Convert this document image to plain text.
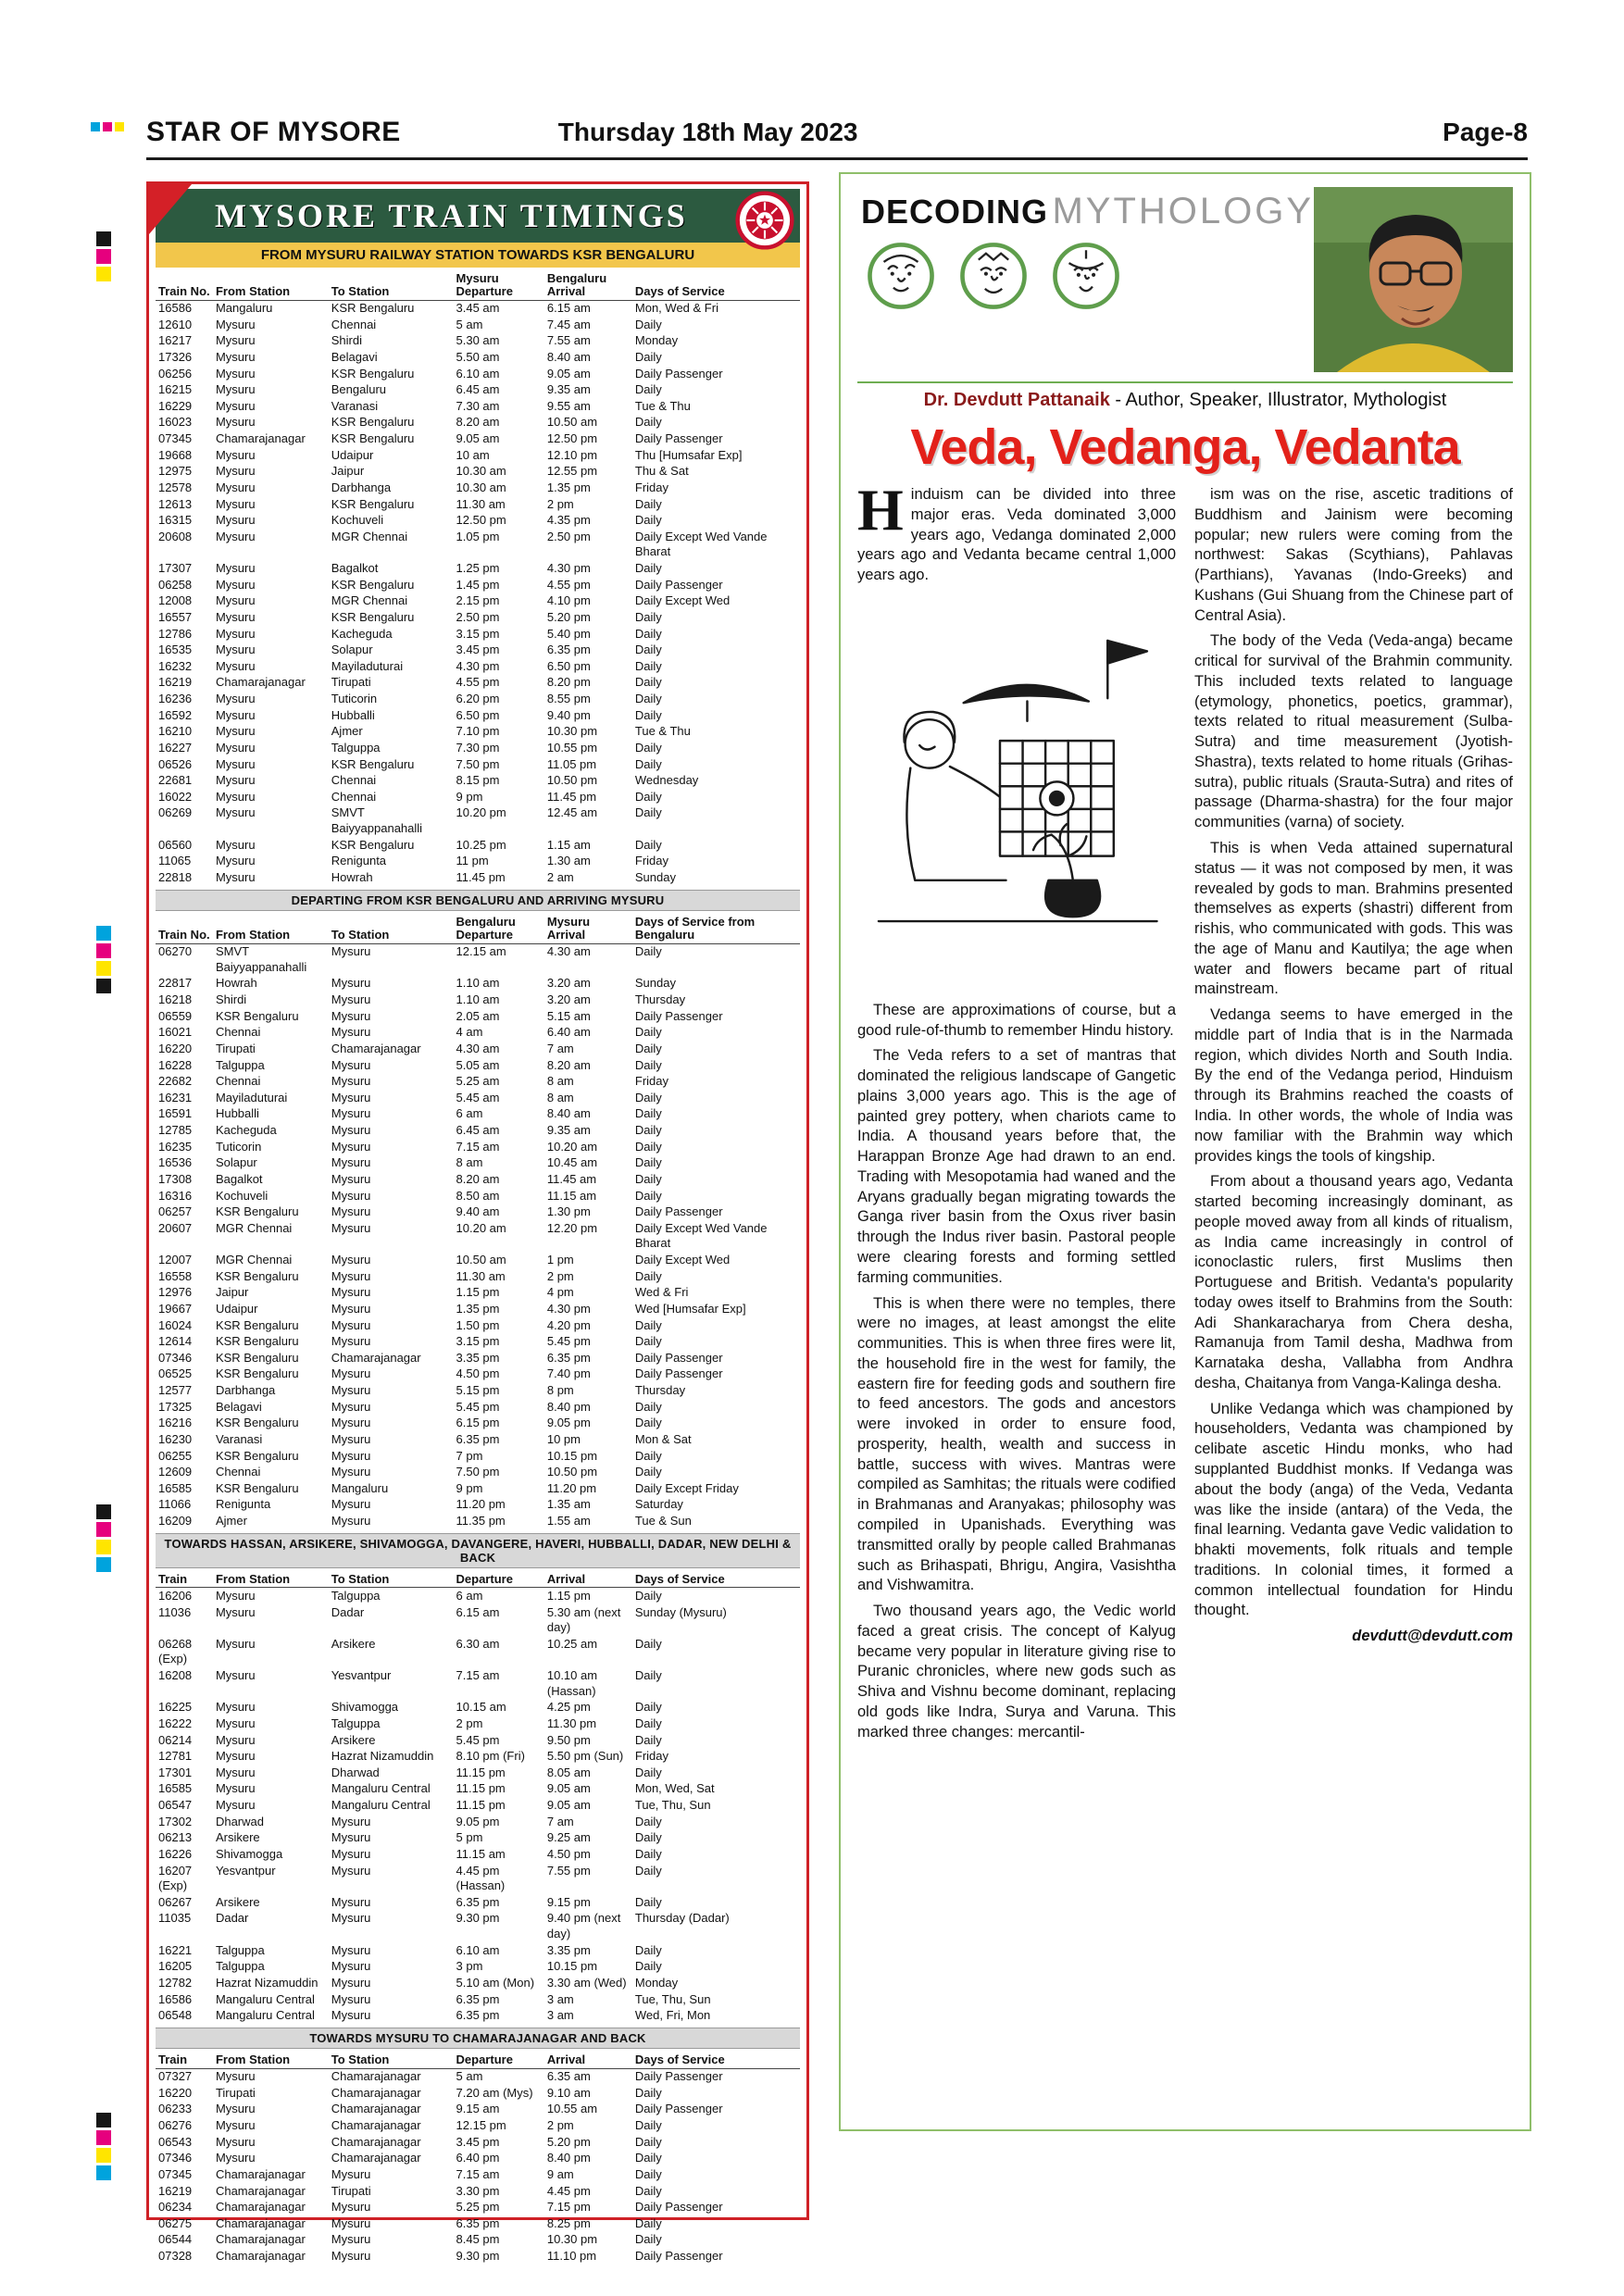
STAR OF MYSORE	Thursday 18th May 2023	Page-8
MYSORE TRAIN TIMINGS
FROM MYSURU RAILWAY STATION TOWARDS KSR BENGALURU
Train No.	From Station	To Station	Mysuru Departure	Bengaluru Arrival	Days of Service
16586	Mangaluru	KSR Bengaluru	3.45 am	6.15 am	Mon, Wed & Fri
12610	Mysuru	Chennai	5 am	7.45 am	Daily
16217	Mysuru	Shirdi	5.30 am	7.55 am	Monday
17326	Mysuru	Belagavi	5.50 am	8.40 am	Daily
06256	Mysuru	KSR Bengaluru	6.10 am	9.05 am	Daily Passenger
16215	Mysuru	Bengaluru	6.45 am	9.35 am	Daily
16229	Mysuru	Varanasi	7.30 am	9.55 am	Tue & Thu
16023	Mysuru	KSR Bengaluru	8.20 am	10.50 am	Daily
07345	Chamarajanagar	KSR Bengaluru	9.05 am	12.50 pm	Daily Passenger
19668	Mysuru	Udaipur	10 am	12.10 pm	Thu [Humsafar Exp]
12975	Mysuru	Jaipur	10.30 am	12.55 pm	Thu & Sat
12578	Mysuru	Darbhanga	10.30 am	1.35 pm	Friday
12613	Mysuru	KSR Bengaluru	11.30 am	2 pm	Daily
16315	Mysuru	Kochuveli	12.50 pm	4.35 pm	Daily
20608	Mysuru	MGR Chennai	1.05 pm	2.50 pm	Daily Except Wed Vande Bharat
17307	Mysuru	Bagalkot	1.25 pm	4.30 pm	Daily
06258	Mysuru	KSR Bengaluru	1.45 pm	4.55 pm	Daily Passenger
12008	Mysuru	MGR Chennai	2.15 pm	4.10 pm	Daily Except Wed
16557	Mysuru	KSR Bengaluru	2.50 pm	5.20 pm	Daily
12786	Mysuru	Kacheguda	3.15 pm	5.40 pm	Daily
16535	Mysuru	Solapur	3.45 pm	6.35 pm	Daily
16232	Mysuru	Mayiladuturai	4.30 pm	6.50 pm	Daily
16219	Chamarajanagar	Tirupati	4.55 pm	8.20 pm	Daily
16236	Mysuru	Tuticorin	6.20 pm	8.55 pm	Daily
16592	Mysuru	Hubballi	6.50 pm	9.40 pm	Daily
16210	Mysuru	Ajmer	7.10 pm	10.30 pm	Tue & Thu
16227	Mysuru	Talguppa	7.30 pm	10.55 pm	Daily
06526	Mysuru	KSR Bengaluru	7.50 pm	11.05 pm	Daily
22681	Mysuru	Chennai	8.15 pm	10.50 pm	Wednesday
16022	Mysuru	Chennai	9 pm	11.45 pm	Daily
06269	Mysuru	SMVT Baiyyappanahalli	10.20 pm	12.45 am	Daily
06560	Mysuru	KSR Bengaluru	10.25 pm	1.15 am	Daily
11065	Mysuru	Renigunta	11 pm	1.30 am	Friday
22818	Mysuru	Howrah	11.45 pm	2 am	Sunday
DEPARTING FROM KSR BENGALURU AND ARRIVING MYSURU
Train No.	From Station	To Station	Bengaluru Departure	Mysuru Arrival	Days of Service from Bengaluru
06270	SMVT Baiyyappanahalli	Mysuru	12.15 am	4.30 am	Daily
22817	Howrah	Mysuru	1.10 am	3.20 am	Sunday
16218	Shirdi	Mysuru	1.10 am	3.20 am	Thursday
06559	KSR Bengaluru	Mysuru	2.05 am	5.15 am	Daily Passenger
16021	Chennai	Mysuru	4 am	6.40 am	Daily
16220	Tirupati	Chamarajanagar	4.30 am	7 am	Daily
16228	Talguppa	Mysuru	5.05 am	8.20 am	Daily
22682	Chennai	Mysuru	5.25 am	8 am	Friday
16231	Mayiladuturai	Mysuru	5.45 am	8 am	Daily
16591	Hubballi	Mysuru	6 am	8.40 am	Daily
12785	Kacheguda	Mysuru	6.45 am	9.35 am	Daily
16235	Tuticorin	Mysuru	7.15 am	10.20 am	Daily
16536	Solapur	Mysuru	8 am	10.45 am	Daily
17308	Bagalkot	Mysuru	8.20 am	11.45 am	Daily
16316	Kochuveli	Mysuru	8.50 am	11.15 am	Daily
06257	KSR Bengaluru	Mysuru	9.40 am	1.30 pm	Daily Passenger
20607	MGR Chennai	Mysuru	10.20 am	12.20 pm	Daily Except Wed Vande Bharat
12007	MGR Chennai	Mysuru	10.50 am	1 pm	Daily Except Wed
16558	KSR Bengaluru	Mysuru	11.30 am	2 pm	Daily
12976	Jaipur	Mysuru	1.15 pm	4 pm	Wed & Fri
19667	Udaipur	Mysuru	1.35 pm	4.30 pm	Wed [Humsafar Exp]
16024	KSR Bengaluru	Mysuru	1.50 pm	4.20 pm	Daily
12614	KSR Bengaluru	Mysuru	3.15 pm	5.45 pm	Daily
07346	KSR Bengaluru	Chamarajanagar	3.35 pm	6.35 pm	Daily Passenger
06525	KSR Bengaluru	Mysuru	4.50 pm	7.40 pm	Daily Passenger
12577	Darbhanga	Mysuru	5.15 pm	8 pm	Thursday
17325	Belagavi	Mysuru	5.45 pm	8.40 pm	Daily
16216	KSR Bengaluru	Mysuru	6.15 pm	9.05 pm	Daily
16230	Varanasi	Mysuru	6.35 pm	10 pm	Mon & Sat
06255	KSR Bengaluru	Mysuru	7 pm	10.15 pm	Daily
12609	Chennai	Mysuru	7.50 pm	10.50 pm	Daily
16585	KSR Bengaluru	Mangaluru	9 pm	11.20 pm	Daily Except Friday
11066	Renigunta	Mysuru	11.20 pm	1.35 am	Saturday
16209	Ajmer	Mysuru	11.35 pm	1.55 am	Tue & Sun
TOWARDS HASSAN, ARSIKERE, SHIVAMOGGA, DAVANGERE, HAVERI, HUBBALLI, DADAR, NEW DELHI & BACK
Train	From Station	To Station	Departure	Arrival	Days of Service
16206	Mysuru	Talguppa	6 am	1.15 pm	Daily
11036	Mysuru	Dadar	6.15 am	5.30 am (next day)	Sunday (Mysuru)
06268 (Exp)	Mysuru	Arsikere	6.30 am	10.25 am	Daily
16208	Mysuru	Yesvantpur	7.15 am	10.10 am (Hassan)	Daily
16225	Mysuru	Shivamogga	10.15 am	4.25 pm	Daily
16222	Mysuru	Talguppa	2 pm	11.30 pm	Daily
06214	Mysuru	Arsikere	5.45 pm	9.50 pm	Daily
12781	Mysuru	Hazrat Nizamuddin	8.10 pm (Fri)	5.50 pm (Sun)	Friday
17301	Mysuru	Dharwad	11.15 pm	8.05 am	Daily
16585	Mysuru	Mangaluru Central	11.15 pm	9.05 am	Mon, Wed, Sat
06547	Mysuru	Mangaluru Central	11.15 pm	9.05 am	Tue, Thu, Sun
17302	Dharwad	Mysuru	9.05 pm	7 am	Daily
06213	Arsikere	Mysuru	5 pm	9.25 am	Daily
16226	Shivamogga	Mysuru	11.15 am	4.50 pm	Daily
16207 (Exp)	Yesvantpur	Mysuru	4.45 pm (Hassan)	7.55 pm	Daily
06267	Arsikere	Mysuru	6.35 pm	9.15 pm	Daily
11035	Dadar	Mysuru	9.30 pm	9.40 pm (next day)	Thursday (Dadar)
16221	Talguppa	Mysuru	6.10 am	3.35 pm	Daily
16205	Talguppa	Mysuru	3 pm	10.15 pm	Daily
12782	Hazrat Nizamuddin	Mysuru	5.10 am (Mon)	3.30 am (Wed)	Monday
16586	Mangaluru Central	Mysuru	6.35 pm	3 am	Tue, Thu, Sun
06548	Mangaluru Central	Mysuru	6.35 pm	3 am	Wed, Fri, Mon
TOWARDS MYSURU TO CHAMARAJANAGAR AND BACK
Train	From Station	To Station	Departure	Arrival	Days of Service
07327	Mysuru	Chamarajanagar	5 am	6.35 am	Daily Passenger
16220	Tirupati	Chamarajanagar	7.20 am (Mys)	9.10 am	Daily
06233	Mysuru	Chamarajanagar	9.15 am	10.55 am	Daily Passenger
06276	Mysuru	Chamarajanagar	12.15 pm	2 pm	Daily
06543	Mysuru	Chamarajanagar	3.45 pm	5.20 pm	Daily
07346	Mysuru	Chamarajanagar	6.40 pm	8.40 pm	Daily
07345	Chamarajanagar	Mysuru	7.15 am	9 am	Daily
16219	Chamarajanagar	Tirupati	3.30 pm	4.45 pm	Daily
06234	Chamarajanagar	Mysuru	5.25 pm	7.15 pm	Daily Passenger
06275	Chamarajanagar	Mysuru	6.35 pm	8.25 pm	Daily
06544	Chamarajanagar	Mysuru	8.45 pm	10.30 pm	Daily
07328	Chamarajanagar	Mysuru	9.30 pm	11.10 pm	Daily Passenger
DECODING MYTHOLOGY
Dr. Devdutt Pattanaik - Author, Speaker, Illustrator, Mythologist
Veda, Vedanga, Vedanta

Hinduism can be divided into three major eras. Veda dominated 3,000 years ago, Vedanga dominated 2,000 years ago and Vedanta became central 1,000 years ago.

These are approximations of course, but a good rule-of-thumb to remember Hindu history.

The Veda refers to a set of mantras that dominated the religious landscape of Gangetic plains 3,000 years ago. This is the age of painted grey pottery, when chariots came to India. A thousand years before that, the Harappan Bronze Age had drawn to an end. Trading with Mesopotamia had waned and the Aryans gradually began migrating towards the Ganga river basin from the Oxus river basin through the Indus river basin. Pastoral people were clearing forests and forming settled farming communities.

This is when there were no temples, there were no images, at least amongst the elite communities. This is when three fires were lit, the household fire in the west for family, the eastern fire for feeding gods and southern fire to feed ancestors. The gods and ancestors were invoked in order to ensure food, prosperity, health, wealth and success in battle, success with wives. Mantras were compiled as Samhitas; the rituals were codified in Brahmanas and Aranyakas; philosophy was compiled in Upanishads. Everything was transmitted orally by people called Brahmanas such as Brihaspati, Bhrigu, Angira, Vasishtha and Vishwamitra.

Two thousand years ago, the Vedic world faced a great crisis. The concept of Kalyug became very popular in literature giving rise to Puranic chronicles, where new gods such as Shiva and Vishnu become dominant, replacing old gods like Indra, Surya and Varuna. This marked three changes: mercantil-

ism was on the rise, ascetic traditions of Buddhism and Jainism were becoming popular; new rulers were coming from the northwest: Sakas (Scythians), Pahlavas (Parthians), Yavanas (Indo-Greeks) and Kushans (Gui Shuang from the Chinese part of Central Asia).

The body of the Veda (Veda-anga) became critical for survival of the Brahmin community. This included texts related to language (etymology, phonetics, poetics, grammar), texts related to ritual measurement (Sulba-Sutra) and time measurement (Jyotish-Shastra), texts related to home rituals (Grihas-sutra), public rituals (Srauta-Sutra) and rites of passage (Dharma-shastra) for the four major communities (varna) of society.

This is when Veda attained supernatural status — it was not composed by men, it was revealed by gods to man. Brahmins presented themselves as experts (shastri) different from rishis, who communicated with gods. This was the age of Manu and Kautilya; the age when water and flowers became part of ritual mainstream.

Vedanga seems to have emerged in the middle part of India that is in the Narmada region, which divides North and South India. By the end of the Vedanga period, Hinduism through its Brahmins reached the coasts of India. In other words, the whole of India was now familiar with the Brahmin way which provides kings the tools of kingship.

From about a thousand years ago, Vedanta started becoming increasingly dominant, as people moved away from all kinds of ritualism, as India came increasingly in control of iconoclastic rulers, first Muslims then Portuguese and British. Vedanta's popularity today owes itself to Brahmins from the South: Adi Shankaracharya from Chera desha, Ramanuja from Tamil desha, Madhwa from Karnataka desha, Vallabha from Andhra desha, Chaitanya from Vanga-Kalinga desha.

Unlike Vedanga which was championed by householders, Vedanta was championed by celibate ascetic Hindu monks, who had supplanted Buddhist monks. If Vedanga was about the body (anga) of the Veda, Vedanta was like the inside (antara) of the Veda, the final learning. Vedanta gave Vedic validation to bhakti movements, folk rituals and temple traditions. In colonial times, it formed a common intellectual foundation for Hindu thought.

devdutt@devdutt.com
